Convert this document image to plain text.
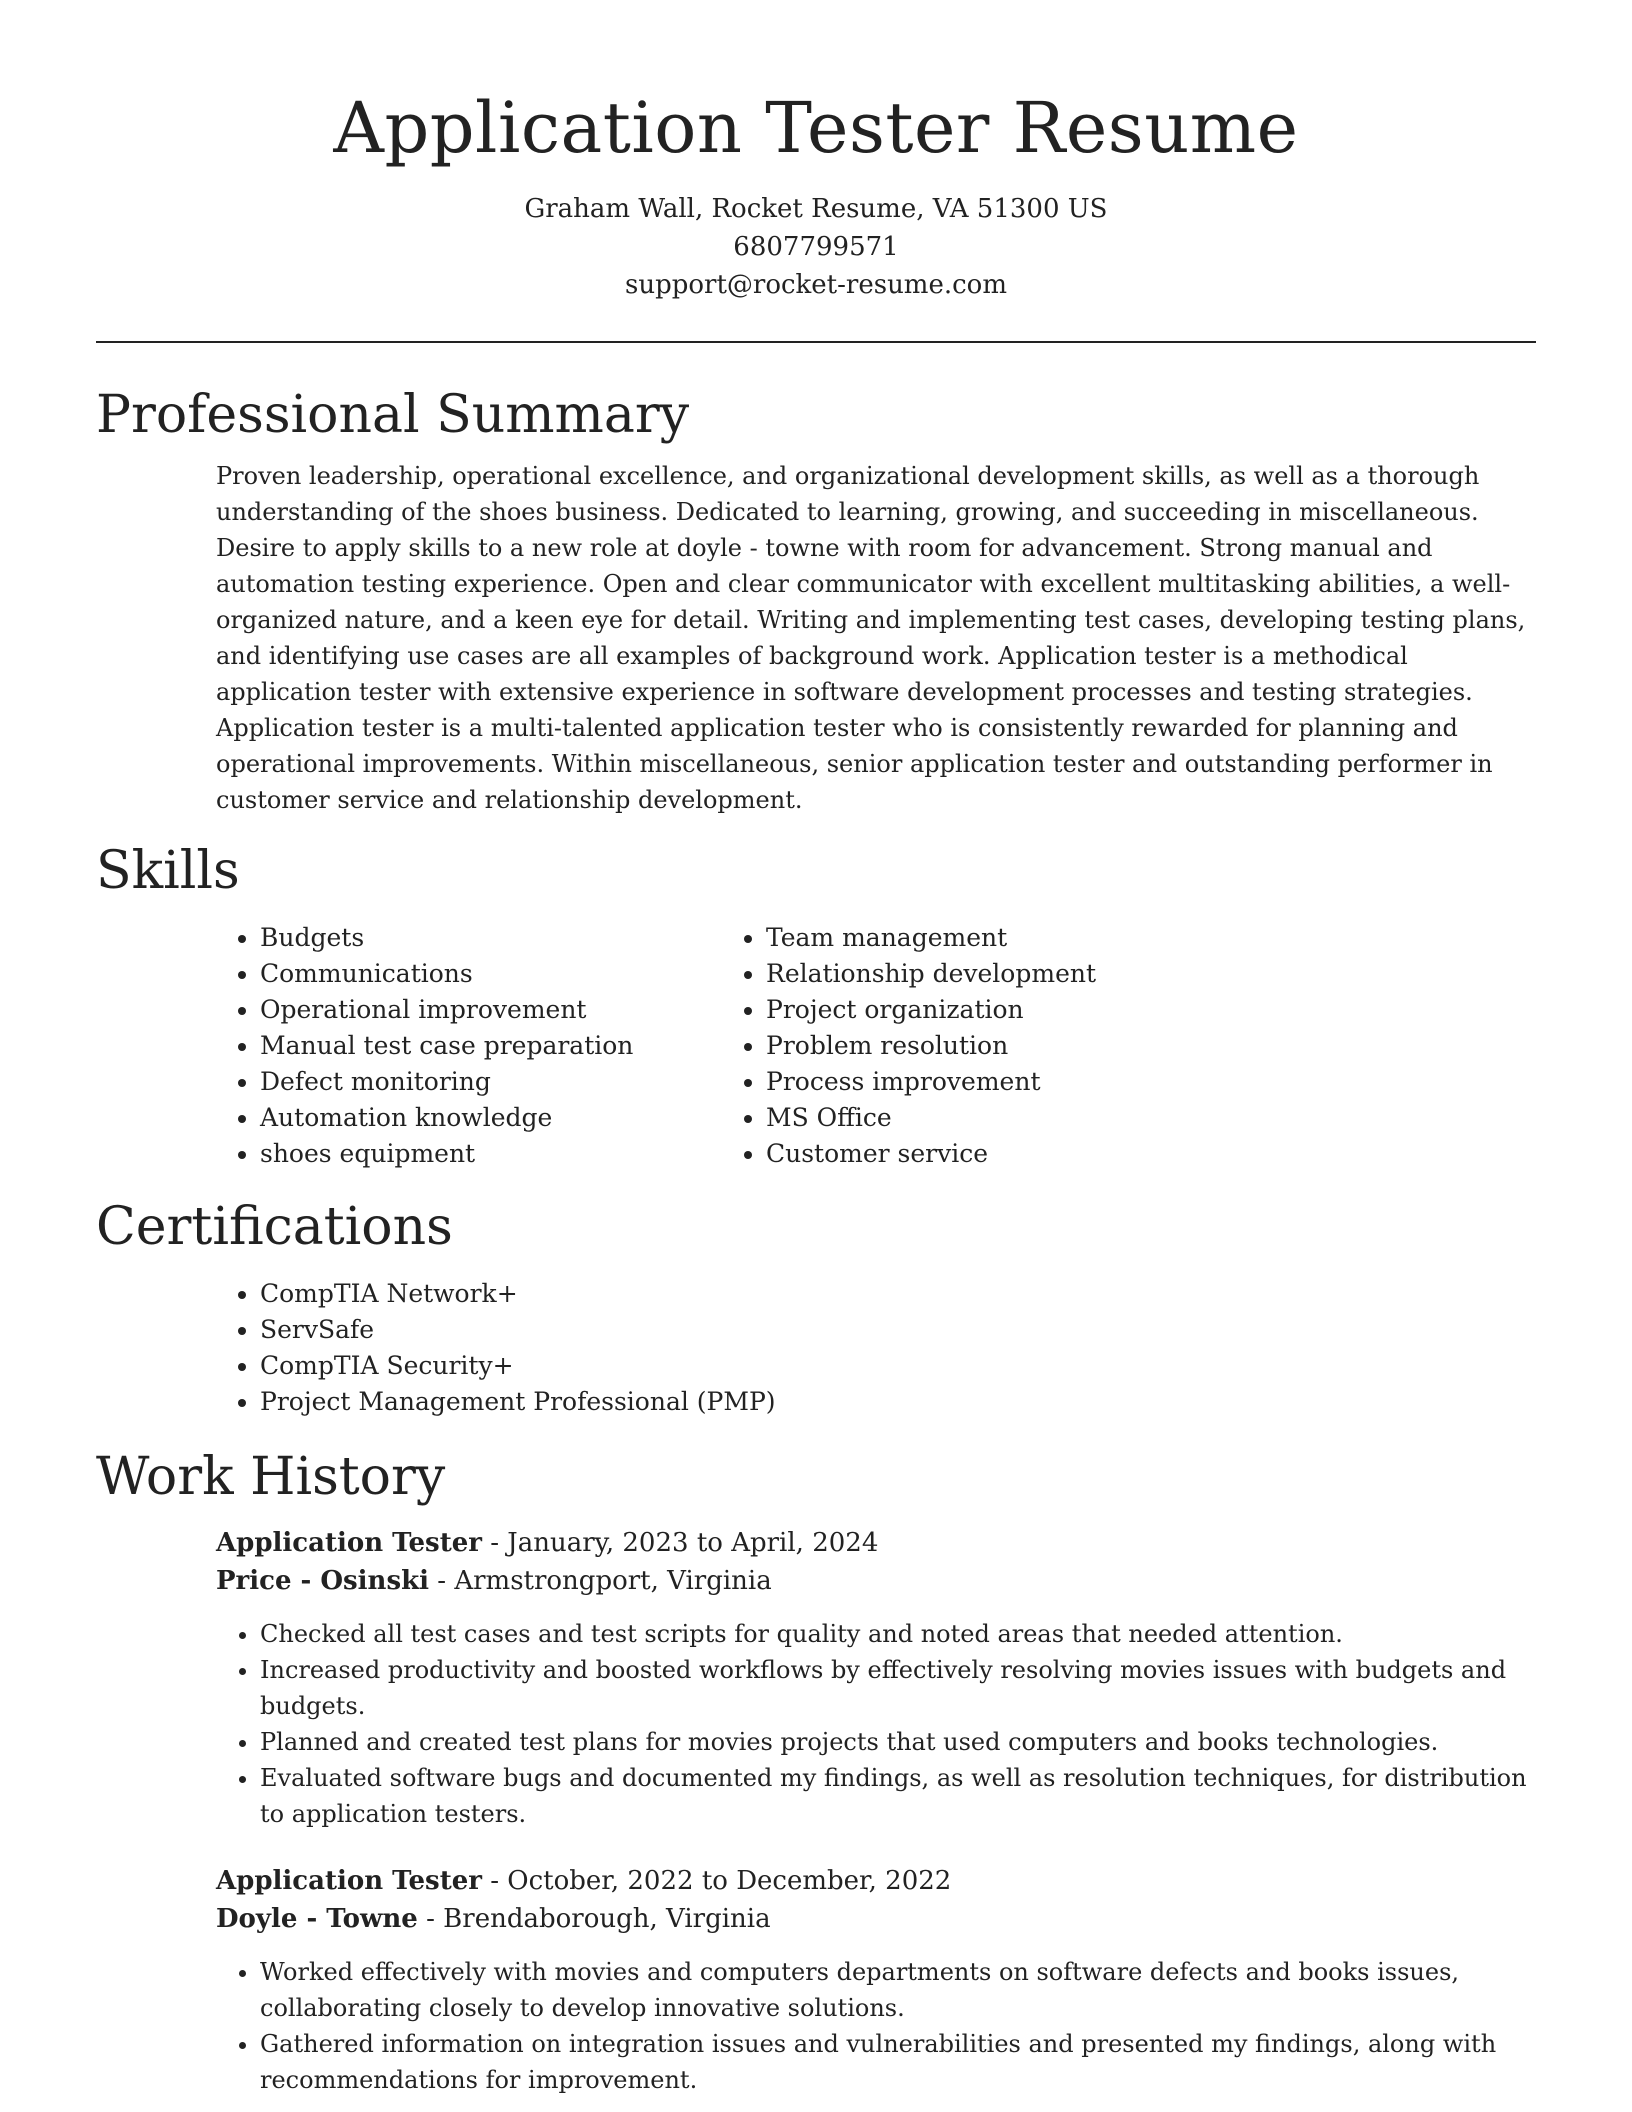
Application Tester Resume
Graham Wall, Rocket Resume, VA 51300 US
6807799571
support@rocket-resume.com
Professional Summary

Proven leadership, operational excellence, and organizational development skills, as well as a thorough understanding of the shoes business. Dedicated to learning, growing, and succeeding in miscellaneous. Desire to apply skills to a new role at doyle - towne with room for advancement. Strong manual and automation testing experience. Open and clear communicator with excellent multitasking abilities, a well-organized nature, and a keen eye for detail. Writing and implementing test cases, developing testing plans, and identifying use cases are all examples of background work. Application tester is a methodical application tester with extensive experience in software development processes and testing strategies. Application tester is a multi-talented application tester who is consistently rewarded for planning and operational improvements. Within miscellaneous, senior application tester and outstanding performer in customer service and relationship development.

Skills
• Budgets
• Communications
• Operational improvement
• Manual test case preparation
• Defect monitoring
• Automation knowledge
• shoes equipment
• Team management
• Relationship development
• Project organization
• Problem resolution
• Process improvement
• MS Office
• Customer service
Certifications
• CompTIA Network+
• ServSafe
• CompTIA Security+
• Project Management Professional (PMP)
Work History
Application Tester - January, 2023 to April, 2024
Price - Osinski - Armstrongport, Virginia
• Checked all test cases and test scripts for quality and noted areas that needed attention.
• Increased productivity and boosted workflows by effectively resolving movies issues with budgets and budgets.
• Planned and created test plans for movies projects that used computers and books technologies.
• Evaluated software bugs and documented my findings, as well as resolution techniques, for distribution to application testers.
Application Tester - October, 2022 to December, 2022
Doyle - Towne - Brendaborough, Virginia
• Worked effectively with movies and computers departments on software defects and books issues, collaborating closely to develop innovative solutions.
• Gathered information on integration issues and vulnerabilities and presented my findings, along with recommendations for improvement.
